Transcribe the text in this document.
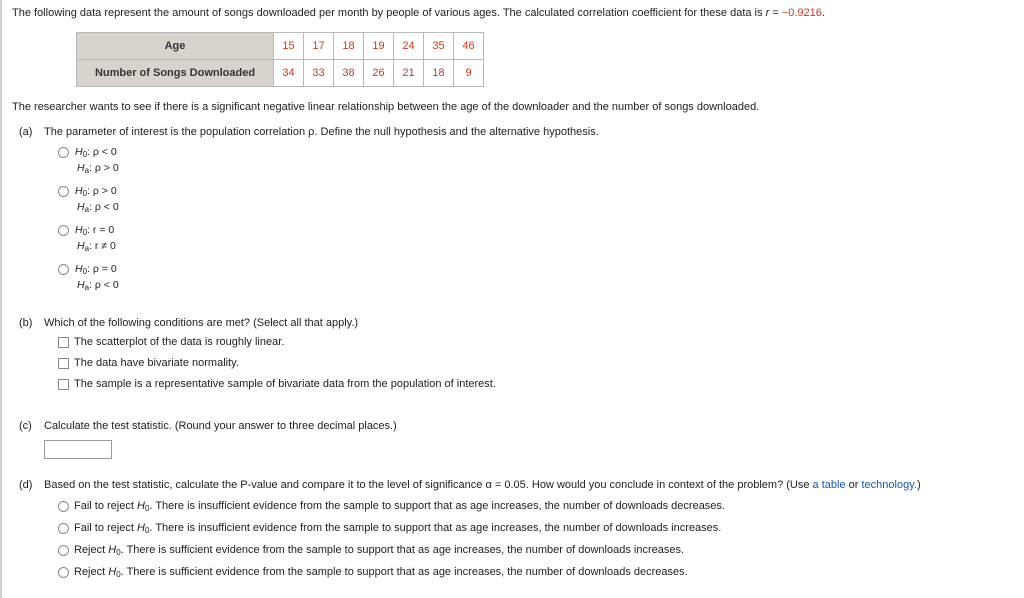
The following data represent the amount of songs downloaded per month by people of various ages. The calculated correlation coefficient for these data is r = −0.9216.
Age	15	17	18	19	24	35	46
Number of Songs Downloaded	34	33	38	26	21	18	9
The researcher wants to see if there is a significant negative linear relationship between the age of the downloader and the number of songs downloaded.
(a) The parameter of interest is the population correlation ρ. Define the null hypothesis and the alternative hypothesis.
$H_0$: ρ < 0
$H_a$: ρ > 0
$H_0$: ρ > 0
$H_a$: ρ < 0
$H_0$: r = 0
$H_a$: r ≠ 0
$H_0$: ρ = 0
$H_a$: ρ < 0
(b) Which of the following conditions are met? (Select all that apply.)
The scatterplot of the data is roughly linear.
The data have bivariate normality.
The sample is a representative sample of bivariate data from the population of interest.
(c) Calculate the test statistic. (Round your answer to three decimal places.)
(d) Based on the test statistic, calculate the P-value and compare it to the level of significance α = 0.05. How would you conclude in context of the problem? (Use a table or technology.)
Fail to reject $H_0$. There is insufficient evidence from the sample to support that as age increases, the number of downloads decreases.
Fail to reject $H_0$. There is insufficient evidence from the sample to support that as age increases, the number of downloads increases.
Reject $H_0$. There is sufficient evidence from the sample to support that as age increases, the number of downloads increases.
Reject $H_0$. There is sufficient evidence from the sample to support that as age increases, the number of downloads decreases.
